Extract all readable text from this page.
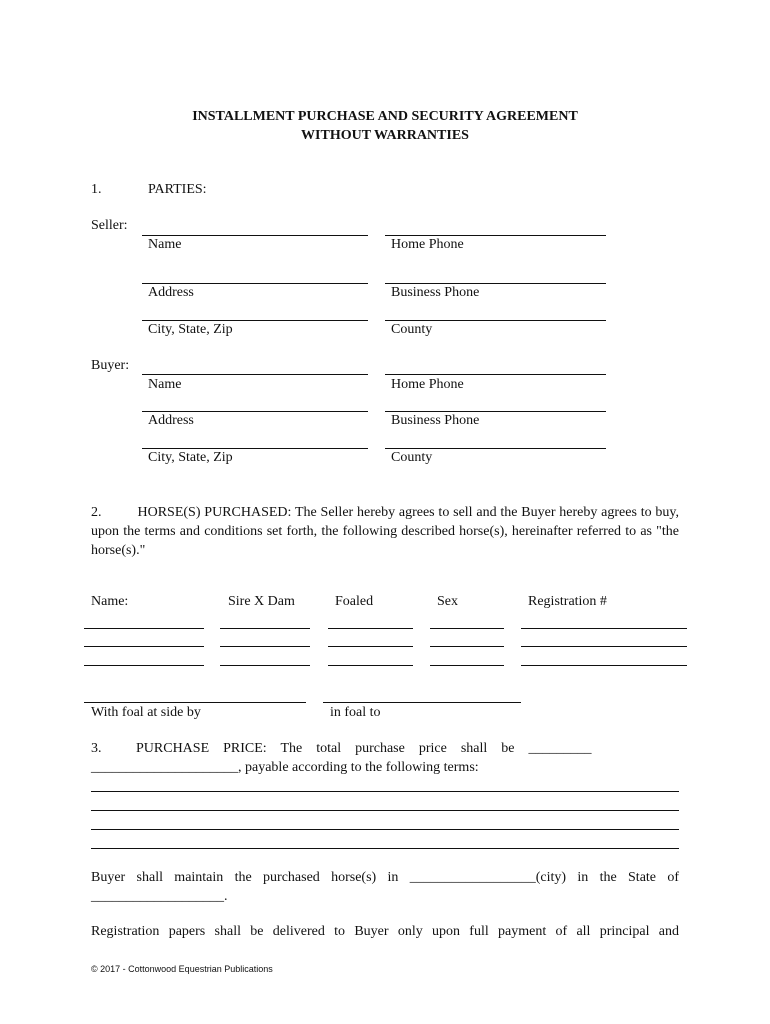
INSTALLMENT PURCHASE AND SECURITY AGREEMENT
WITHOUT WARRANTIES
1.	PARTIES:
Seller:
Name	Home Phone
Address	Business Phone
City, State, Zip	County
Buyer:
Name	Home Phone
Address	Business Phone
City, State, Zip	County
2.	HORSE(S) PURCHASED: The Seller hereby agrees to sell and the Buyer hereby agrees to buy, upon the terms and conditions set forth, the following described horse(s), hereinafter referred to as "the horse(s)."
Name:	Sire X Dam	Foaled	Sex	Registration #
With foal at side by	in foal to
3. PURCHASE    PRICE:    The    total    purchase    price    shall    be    _________
_____________________, payable according to the following terms:
Buyer shall maintain the purchased horse(s) in __________________(city) in the State of ___________________.
Registration papers shall be delivered to Buyer only upon full payment of all principal and
© 2017 - Cottonwood Equestrian Publications
